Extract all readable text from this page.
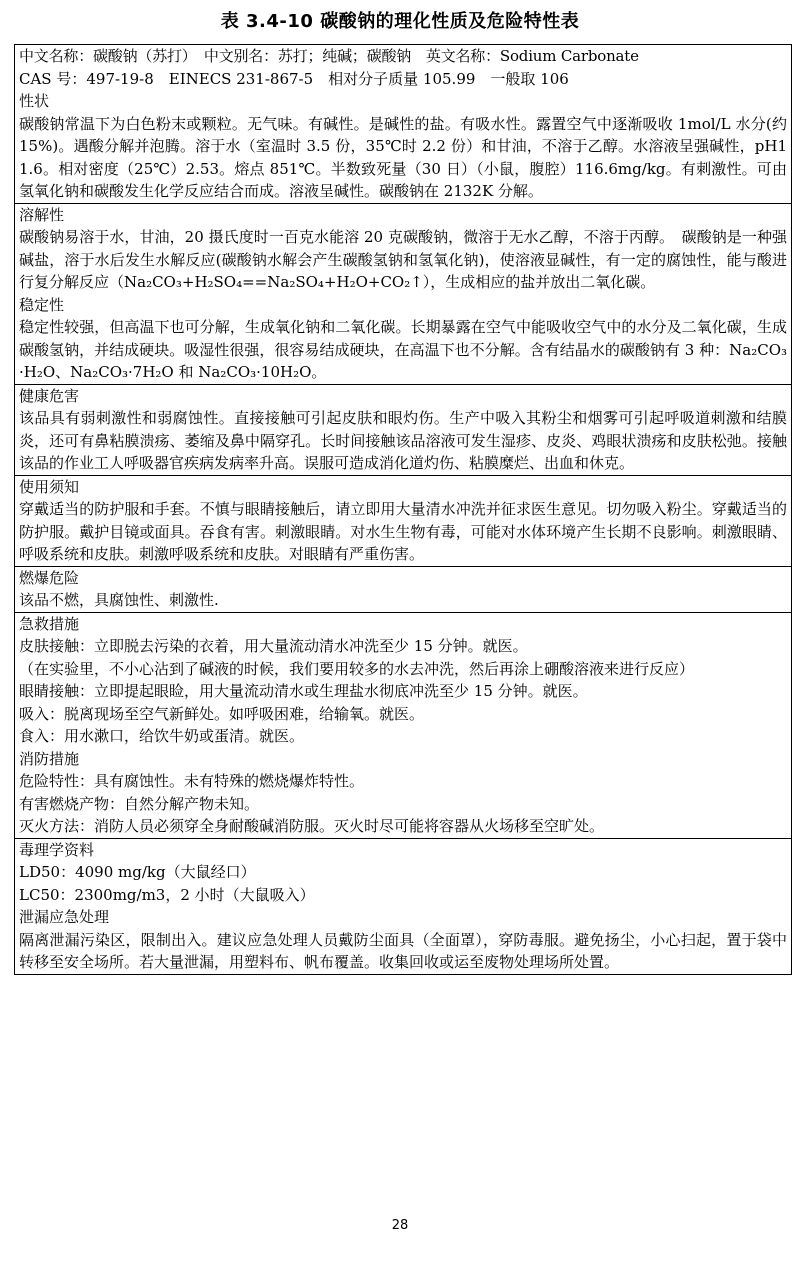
表 3.4-10 碳酸钠的理化性质及危险特性表
中文名称：碳酸钠（苏打）　中文别名：苏打；纯碱；碳酸钠　英文名称：Sodium Carbonate
CAS 号：497-19-8　EINECS 231-867-5　相对分子质量 105.99　一般取 106
性状
碳酸钠常温下为白色粉末或颗粒。无气味。有碱性。是碱性的盐。有吸水性。露置空气中逐渐吸收 1mol/L 水分(约 15%)。遇酸分解并泡腾。溶于水（室温时 3.5 份，35℃时 2.2 份）和甘油，不溶于乙醇。水溶液呈强碱性，pH11.6。相对密度（25℃）2.53。熔点 851℃。半数致死量（30 日）（小鼠，腹腔）116.6mg/kg。有刺激性。可由氢氧化钠和碳酸发生化学反应结合而成。溶液呈碱性。碳酸钠在 2132K 分解。

溶解性
碳酸钠易溶于水，甘油，20 摄氏度时一百克水能溶 20 克碳酸钠，微溶于无水乙醇，不溶于丙醇。　碳酸钠是一种强碱盐，溶于水后发生水解反应(碳酸钠水解会产生碳酸氢钠和氢氧化钠)，使溶液显碱性，有一定的腐蚀性，能与酸进行复分解反应（Na₂CO₃+H₂SO₄==Na₂SO₄+H₂O+CO₂↑），生成相应的盐并放出二氧化碳。
稳定性
稳定性较强，但高温下也可分解，生成氧化钠和二氧化碳。长期暴露在空气中能吸收空气中的水分及二氧化碳，生成碳酸氢钠，并结成硬块。吸湿性很强，很容易结成硬块，在高温下也不分解。含有结晶水的碳酸钠有 3 种：Na₂CO₃·H₂O、Na₂CO₃·7H₂O 和 Na₂CO₃·10H₂O。

健康危害
该品具有弱刺激性和弱腐蚀性。直接接触可引起皮肤和眼灼伤。生产中吸入其粉尘和烟雾可引起呼吸道刺激和结膜炎，还可有鼻粘膜溃疡、萎缩及鼻中隔穿孔。长时间接触该品溶液可发生湿疹、皮炎、鸡眼状溃疡和皮肤松弛。接触该品的作业工人呼吸器官疾病发病率升高。误服可造成消化道灼伤、粘膜糜烂、出血和休克。

使用须知
穿戴适当的防护服和手套。不慎与眼睛接触后，请立即用大量清水冲洗并征求医生意见。切勿吸入粉尘。穿戴适当的防护服。戴护目镜或面具。吞食有害。刺激眼睛。对水生生物有毒，可能对水体环境产生长期不良影响。刺激眼睛、呼吸系统和皮肤。刺激呼吸系统和皮肤。对眼睛有严重伤害。

燃爆危险
该品不燃，具腐蚀性、刺激性.

急救措施
皮肤接触：立即脱去污染的衣着，用大量流动清水冲洗至少 15 分钟。就医。
（在实验里，不小心沾到了碱液的时候，我们要用较多的水去冲洗，然后再涂上硼酸溶液来进行反应）
眼睛接触：立即提起眼睑，用大量流动清水或生理盐水彻底冲洗至少 15 分钟。就医。
吸入：脱离现场至空气新鲜处。如呼吸困难，给输氧。就医。
食入：用水漱口，给饮牛奶或蛋清。就医。
消防措施
危险特性：具有腐蚀性。未有特殊的燃烧爆炸特性。
有害燃烧产物：自然分解产物未知。
灭火方法：消防人员必须穿全身耐酸碱消防服。灭火时尽可能将容器从火场移至空旷处。

毒理学资料
LD50：4090 mg/kg（大鼠经口）
LC50：2300mg/m3，2 小时（大鼠吸入）
泄漏应急处理
隔离泄漏污染区，限制出入。建议应急处理人员戴防尘面具（全面罩），穿防毒服。避免扬尘，小心扫起，置于袋中转移至安全场所。若大量泄漏，用塑料布、帆布覆盖。收集回收或运至废物处理场所处置。
28
